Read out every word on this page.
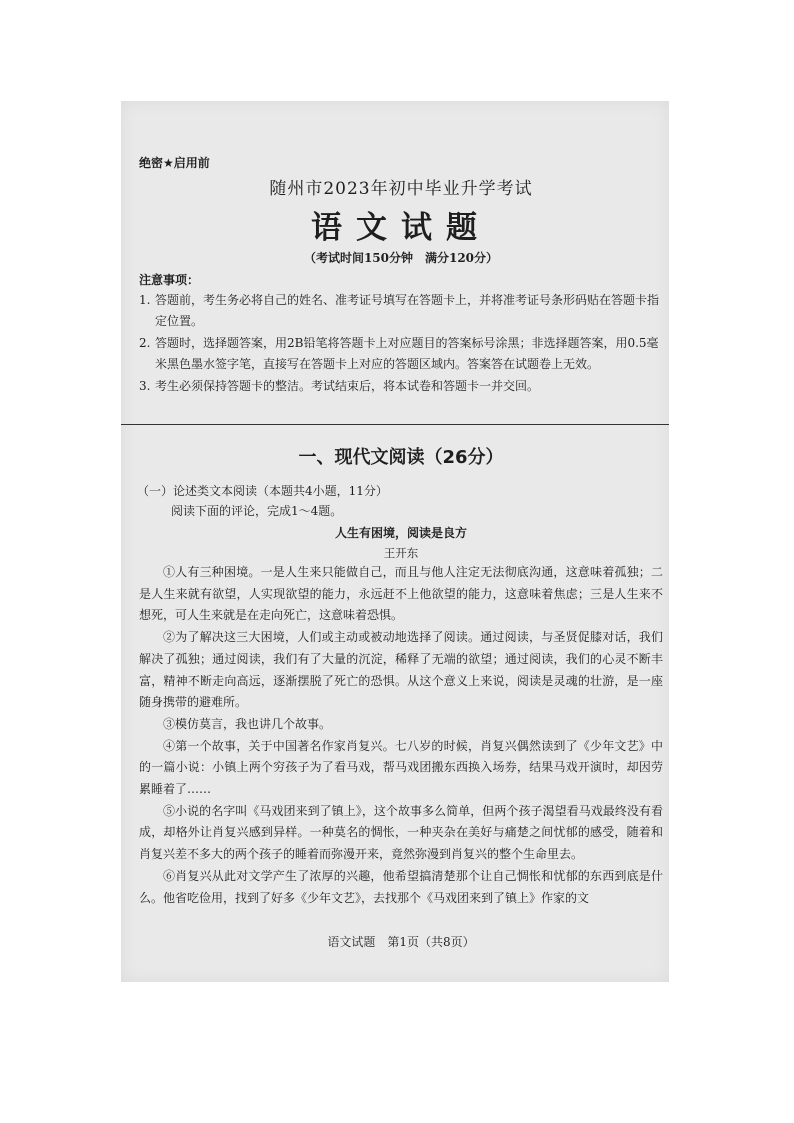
绝密★启用前
随州市2023年初中毕业升学考试
语文试题
（考试时间150分钟　满分120分）
注意事项：
1. 答题前，考生务必将自己的姓名、准考证号填写在答题卡上，并将准考证号条形码贴在答题卡指定位置。
2. 答题时，选择题答案，用2B铅笔将答题卡上对应题目的答案标号涂黑；非选择题答案，用0.5毫米黑色墨水签字笔，直接写在答题卡上对应的答题区域内。答案答在试题卷上无效。
3. 考生必须保持答题卡的整洁。考试结束后，将本试卷和答题卡一并交回。
一、现代文阅读（26分）
（一）论述类文本阅读（本题共4小题，11分）
阅读下面的评论，完成1～4题。
人生有困境，阅读是良方
王开东

①人有三种困境。一是人生来只能做自己，而且与他人注定无法彻底沟通，这意味着孤独；二是人生来就有欲望，人实现欲望的能力，永远赶不上他欲望的能力，这意味着焦虑；三是人生来不想死，可人生来就是在走向死亡，这意味着恐惧。

②为了解决这三大困境，人们或主动或被动地选择了阅读。通过阅读，与圣贤促膝对话，我们解决了孤独；通过阅读，我们有了大量的沉淀，稀释了无端的欲望；通过阅读，我们的心灵不断丰富，精神不断走向高远，逐渐摆脱了死亡的恐惧。从这个意义上来说，阅读是灵魂的壮游，是一座随身携带的避难所。

③模仿莫言，我也讲几个故事。

④第一个故事，关于中国著名作家肖复兴。七八岁的时候，肖复兴偶然读到了《少年文艺》中的一篇小说：小镇上两个穷孩子为了看马戏，帮马戏团搬东西换入场券，结果马戏开演时，却因劳累睡着了……

⑤小说的名字叫《马戏团来到了镇上》，这个故事多么简单，但两个孩子渴望看马戏最终没有看成，却格外让肖复兴感到异样。一种莫名的惆怅，一种夹杂在美好与痛楚之间忧郁的感受，随着和肖复兴差不多大的两个孩子的睡着而弥漫开来，竟然弥漫到肖复兴的整个生命里去。

⑥肖复兴从此对文学产生了浓厚的兴趣，他希望搞清楚那个让自己惆怅和忧郁的东西到底是什么。他省吃俭用，找到了好多《少年文艺》，去找那个《马戏团来到了镇上》作家的文

语文试题　第1页（共8页）
